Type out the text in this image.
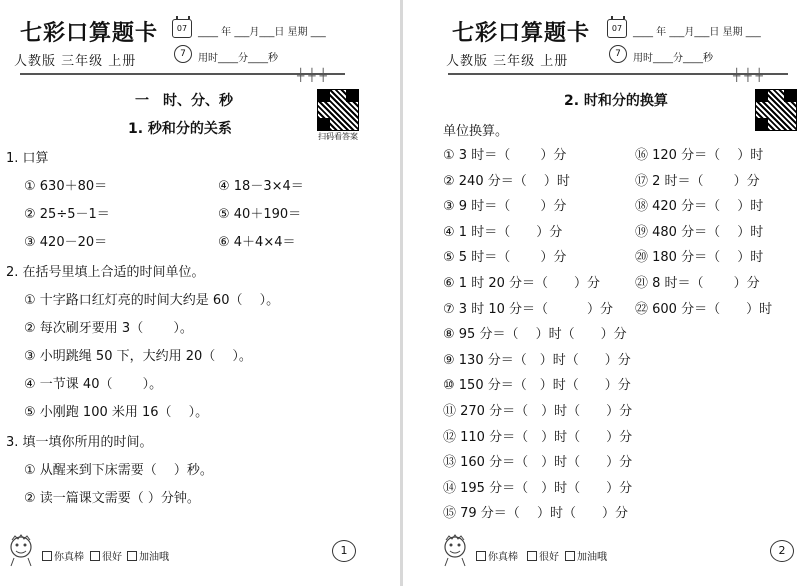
七彩口算题卡
人教版 三年级 上册
07	____ 年 ___月___日 星期 ___
7	用时____分____秒
╪╪╪
一　时、分、秒
扫码看答案
1. 秒和分的关系
1. 口算
① 630＋80＝	④ 18－3×4＝
② 25÷5－1＝	⑤ 40＋190＝
③ 420－20＝	⑥ 4＋4×4＝
2. 在括号里填上合适的时间单位。
① 十字路口红灯亮的时间大约是 60（　 ）。
② 每次刷牙要用 3（　　 ）。
③ 小明跳绳 50 下，大约用 20（　 ）。
④ 一节课 40（　　 ）。
⑤ 小刚跑 100 米用 16（　 ）。
3. 填一填你所用的时间。
① 从醒来到下床需要（　 ）秒。
② 读一篇课文需要（ ）分钟。
你真棒	很好	加油哦
1
七彩口算题卡
人教版 三年级 上册
07	____ 年 ___月___日 星期 ___
7	用时____分____秒
╪╪╪
2. 时和分的换算
单位换算。
① 3 时＝（　　 ）分
② 240 分＝（　 ）时
③ 9 时＝（　　 ）分
④ 1 时＝（　　）分
⑤ 5 时＝（　　 ）分
⑥ 1 时 20 分＝（　　）分
⑦ 3 时 10 分＝（　　　）分
⑧ 95 分＝（　 ）时（　　）分
⑨ 130 分＝（　）时（　　）分
⑩ 150 分＝（　）时（　　）分
⑪ 270 分＝（　）时（　　）分
⑫ 110 分＝（　）时（　　）分
⑬ 160 分＝（　）时（　　）分
⑭ 195 分＝（　）时（　　）分
⑮ 79 分＝（　 ）时（　　）分
⑯ 120 分＝（　 ）时
⑰ 2 时＝（　　 ）分
⑱ 420 分＝（　 ）时
⑲ 480 分＝（　 ）时
⑳ 180 分＝（　 ）时
㉑ 8 时＝（　　 ）分
㉒ 600 分＝（　　）时
你真棒	很好	加油哦
2
